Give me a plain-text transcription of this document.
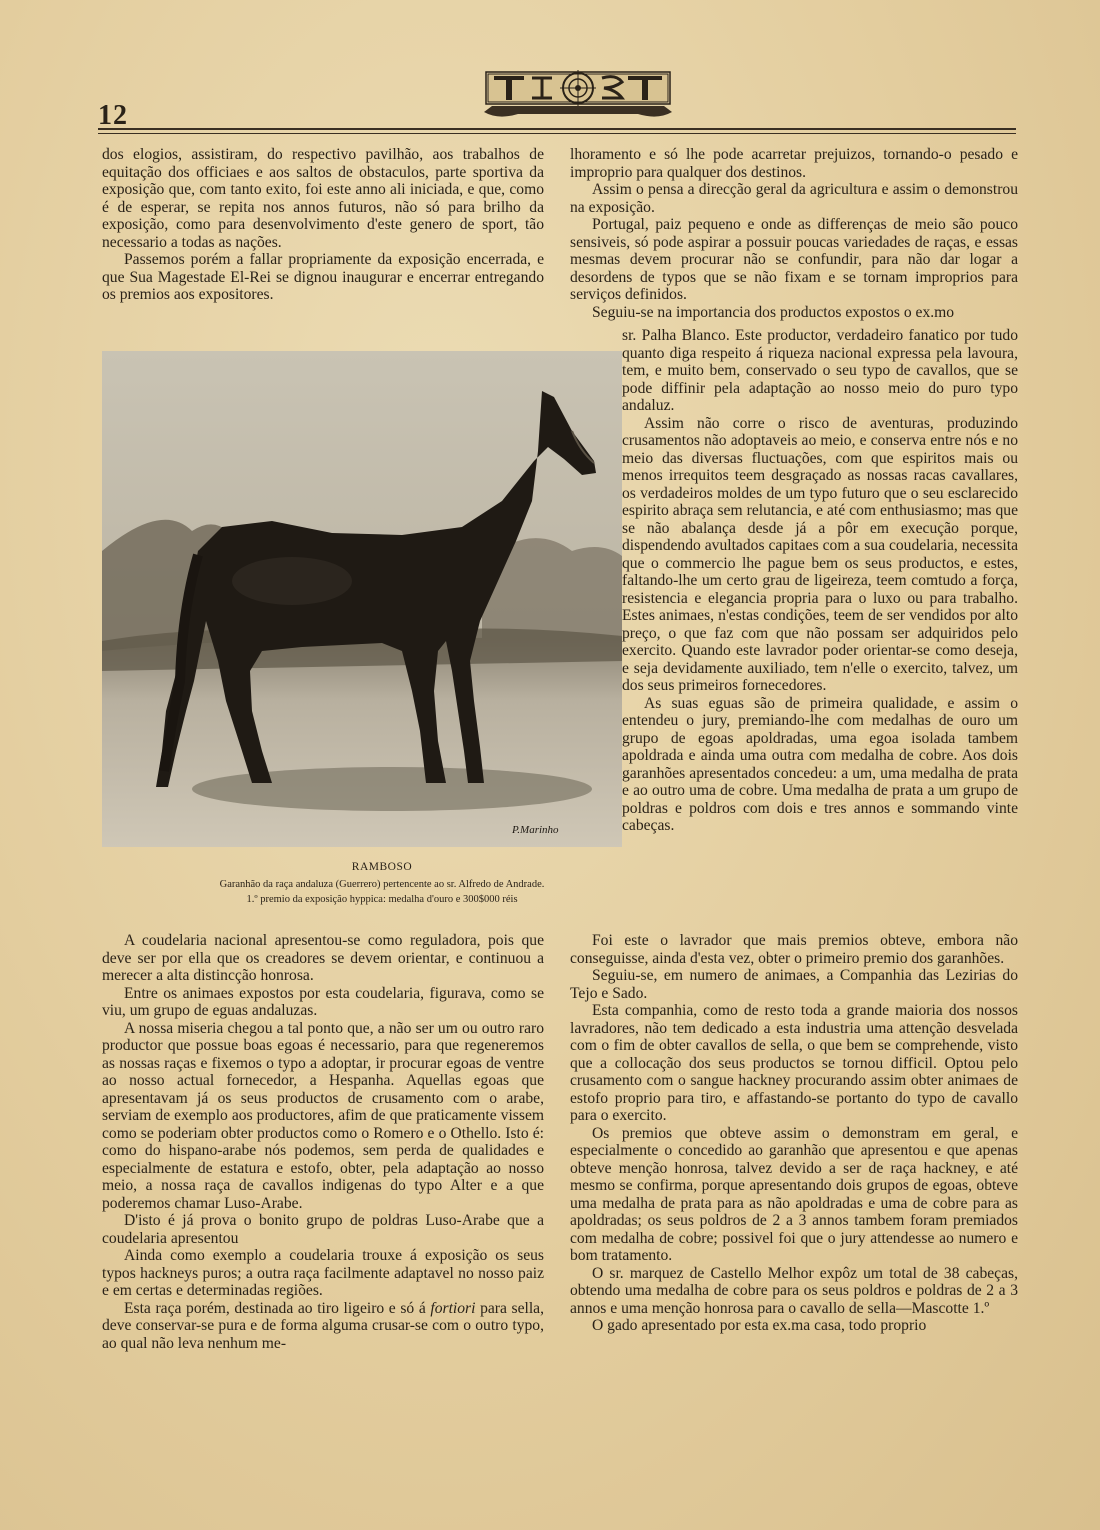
12

dos elogios, assistiram, do respectivo pavilhão, aos trabalhos de equitação dos officiaes e aos saltos de obstaculos, parte sportiva da exposição que, com tanto exito, foi este anno ali iniciada, e que, como é de esperar, se repita nos annos futuros, não só para brilho da exposição, como para desenvolvimento d'este genero de sport, tão necessario a todas as nações.

Passemos porém a fallar propriamente da exposição encerrada, e que Sua Magestade El-Rei se dignou inaugurar e encerrar entregando os premios aos expositores.

P.Marinho
RAMBOSO
Garanhão da raça andaluza (Guerrero) pertencente ao sr. Alfredo de Andrade.
1.º premio da exposição hyppica: medalha d'ouro e 300$000 réis

A coudelaria nacional apresentou-se como reguladora, pois que deve ser por ella que os creadores se devem orientar, e continuou a merecer a alta distincção honrosa.

Entre os animaes expostos por esta coudelaria, figurava, como se viu, um grupo de eguas andaluzas.

A nossa miseria chegou a tal ponto que, a não ser um ou outro raro productor que possue boas egoas é necessario, para que regeneremos as nossas raças e fixemos o typo a adoptar, ir procurar egoas de ventre ao nosso actual fornecedor, a Hespanha. Aquellas egoas que apresentavam já os seus productos de crusamento com o arabe, serviam de exemplo aos productores, afim de que praticamente vissem como se poderiam obter productos como o Romero e o Othello. Isto é: como do hispano-arabe nós podemos, sem perda de qualidades e especialmente de estatura e estofo, obter, pela adaptação ao nosso meio, a nossa raça de cavallos indigenas do typo Alter e a que poderemos chamar Luso-Arabe.

D'isto é já prova o bonito grupo de poldras Luso-Arabe que a coudelaria apresentou

Ainda como exemplo a coudelaria trouxe á exposição os seus typos hackneys puros; a outra raça facilmente adaptavel no nosso paiz e em certas e determinadas regiões.

Esta raça porém, destinada ao tiro ligeiro e só á fortiori para sella, deve conservar-se pura e de forma alguma crusar-se com o outro typo, ao qual não leva nenhum me-

lhoramento e só lhe pode acarretar prejuizos, tornando-o pesado e improprio para qualquer dos destinos.

Assim o pensa a direcção geral da agricultura e assim o demonstrou na exposição.

Portugal, paiz pequeno e onde as differenças de meio são pouco sensiveis, só pode aspirar a possuir poucas variedades de raças, e essas mesmas devem procurar não se confundir, para não dar logar a desordens de typos que se não fixam e se tornam improprios para serviços definidos.

Seguiu-se na importancia dos productos expostos o ex.mo

sr. Palha Blanco. Este productor, verdadeiro fanatico por tudo quanto diga respeito á riqueza nacional expressa pela lavoura, tem, e muito bem, conservado o seu typo de cavallos, que se pode diffinir pela adaptação ao nosso meio do puro typo andaluz.

Assim não corre o risco de aventuras, produzindo crusamentos não adoptaveis ao meio, e conserva entre nós e no meio das diversas fluctuações, com que espiritos mais ou menos irrequitos teem desgraçado as nossas racas cavallares, os verdadeiros moldes de um typo futuro que o seu esclarecido espirito abraça sem relutancia, e até com enthusiasmo; mas que se não abalança desde já a pôr em execução porque, dispendendo avultados capitaes com a sua coudelaria, necessita que o commercio lhe pague bem os seus productos, e estes, faltando-lhe um certo grau de ligeireza, teem comtudo a força, resistencia e elegancia propria para o luxo ou para trabalho. Estes animaes, n'estas condições, teem de ser vendidos por alto preço, o que faz com que não possam ser adquiridos pelo exercito. Quando este lavrador poder orientar-se como deseja, e seja devidamente auxiliado, tem n'elle o exercito, talvez, um dos seus primeiros fornecedores.

As suas eguas são de primeira qualidade, e assim o entendeu o jury, premiando-lhe com medalhas de ouro um grupo de egoas apoldradas, uma egoa isolada tambem apoldrada e ainda uma outra com medalha de cobre. Aos dois garanhões apresentados concedeu: a um, uma medalha de prata e ao outro uma de cobre. Uma medalha de prata a um grupo de poldras e poldros com dois e tres annos e sommando vinte cabeças.

Foi este o lavrador que mais premios obteve, embora não conseguisse, ainda d'esta vez, obter o primeiro premio dos garanhões.

Seguiu-se, em numero de animaes, a Companhia das Lezirias do Tejo e Sado.

Esta companhia, como de resto toda a grande maioria dos nossos lavradores, não tem dedicado a esta industria uma attenção desvelada com o fim de obter cavallos de sella, o que bem se comprehende, visto que a collocação dos seus productos se tornou difficil. Optou pelo crusamento com o sangue hackney procurando assim obter animaes de estofo proprio para tiro, e affastando-se portanto do typo de cavallo para o exercito.

Os premios que obteve assim o demonstram em geral, e especialmente o concedido ao garanhão que apresentou e que apenas obteve menção honrosa, talvez devido a ser de raça hackney, e até mesmo se confirma, porque apresentando dois grupos de egoas, obteve uma medalha de prata para as não apoldradas e uma de cobre para as apoldradas; os seus poldros de 2 a 3 annos tambem foram premiados com medalha de cobre; possivel foi que o jury attendesse ao numero e bom tratamento.

O sr. marquez de Castello Melhor expôz um total de 38 cabeças, obtendo uma medalha de cobre para os seus poldros e poldras de 2 a 3 annos e uma menção honrosa para o cavallo de sella—Mascotte 1.º

O gado apresentado por esta ex.ma casa, todo proprio
